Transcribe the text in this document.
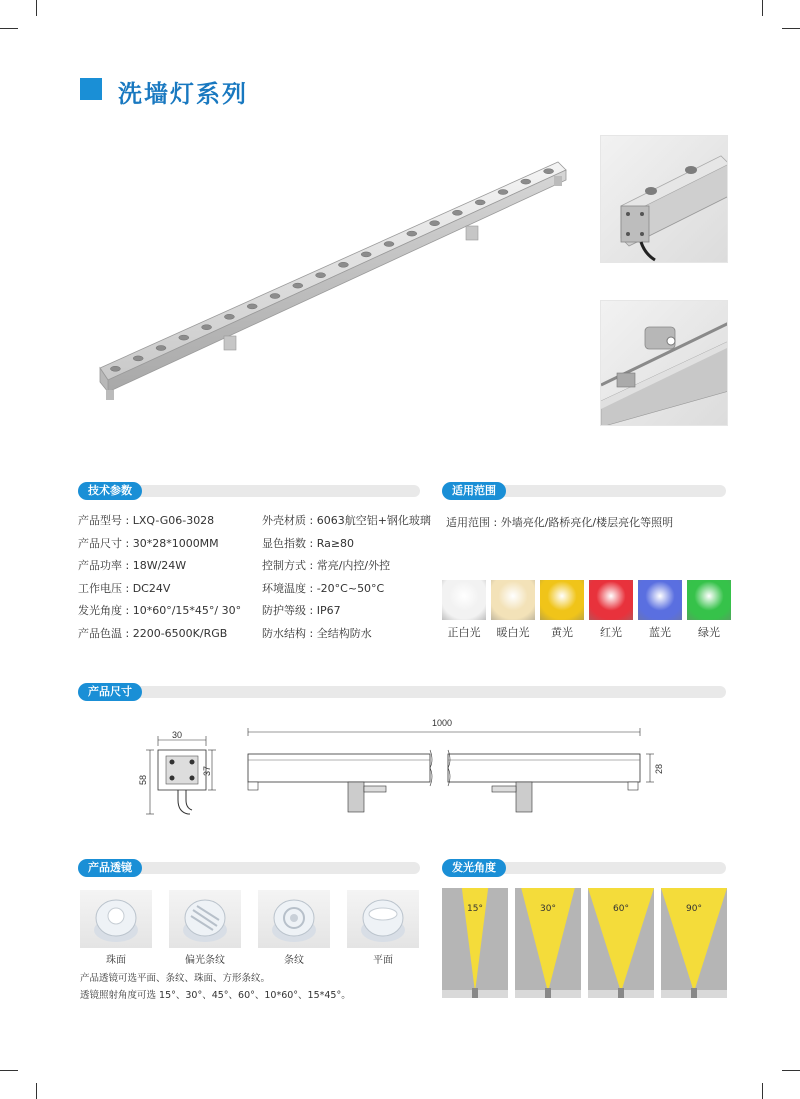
洗墙灯系列
技术参数	适用范围
产品型号 : LXQ-G06-3028
产品尺寸 : 30*28*1000MM
产品功率 : 18W/24W
工作电压 : DC24V
发光角度 : 10*60°/15*45°/ 30°
产品色温 : 2200-6500K/RGB
外壳材质 : 6063航空铝+钢化玻璃
显色指数 : Ra≥80
控制方式 : 常亮/内控/外控
环境温度 : -20°C~50°C
防护等级 : IP67
防水结构 : 全结构防水
适用范围 : 外墙亮化/路桥亮化/楼层亮化等照明
正白光	暖白光	黄光	红光	蓝光	绿光
产品尺寸
30
58
37
1000
28
产品透镜	发光角度
珠面	偏光条纹	条纹	平面
产品透镜可选平面、条纹、珠面、方形条纹。
透镜照射角度可选 15°、30°、45°、60°、10*60°、15*45°。
15°	30°	60°	90°
